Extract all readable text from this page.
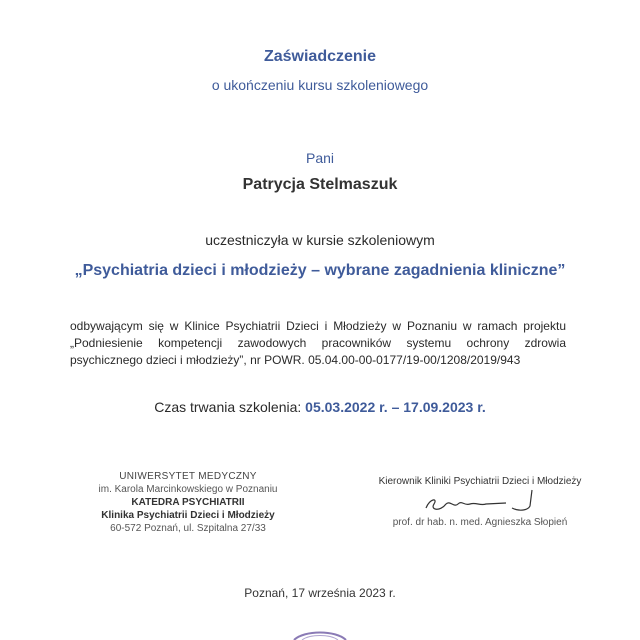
Zaświadczenie
o ukończeniu kursu szkoleniowego
Pani
Patrycja Stelmaszuk
uczestniczyła w kursie szkoleniowym
„Psychiatria dzieci i młodzieży – wybrane zagadnienia kliniczne”
odbywającym się w Klinice Psychiatrii Dzieci i Młodzieży w Poznaniu w ramach projektu
„Podniesienie kompetencji zawodowych pracowników systemu ochrony zdrowia
psychicznego dzieci i młodzieży”, nr POWR. 05.04.00-00-0177/19-00/1208/2019/943
Czas trwania szkolenia: 05.03.2022 r. – 17.09.2023 r.
UNIWERSYTET MEDYCZNY
im. Karola Marcinkowskiego w Poznaniu
KATEDRA PSYCHIATRII
Klinika Psychiatrii Dzieci i Młodzieży
60-572 Poznań, ul. Szpitalna 27/33
Kierownik Kliniki Psychiatrii Dzieci i Młodzieży
prof. dr hab. n. med. Agnieszka Słopień
Poznań, 17 września 2023 r.
